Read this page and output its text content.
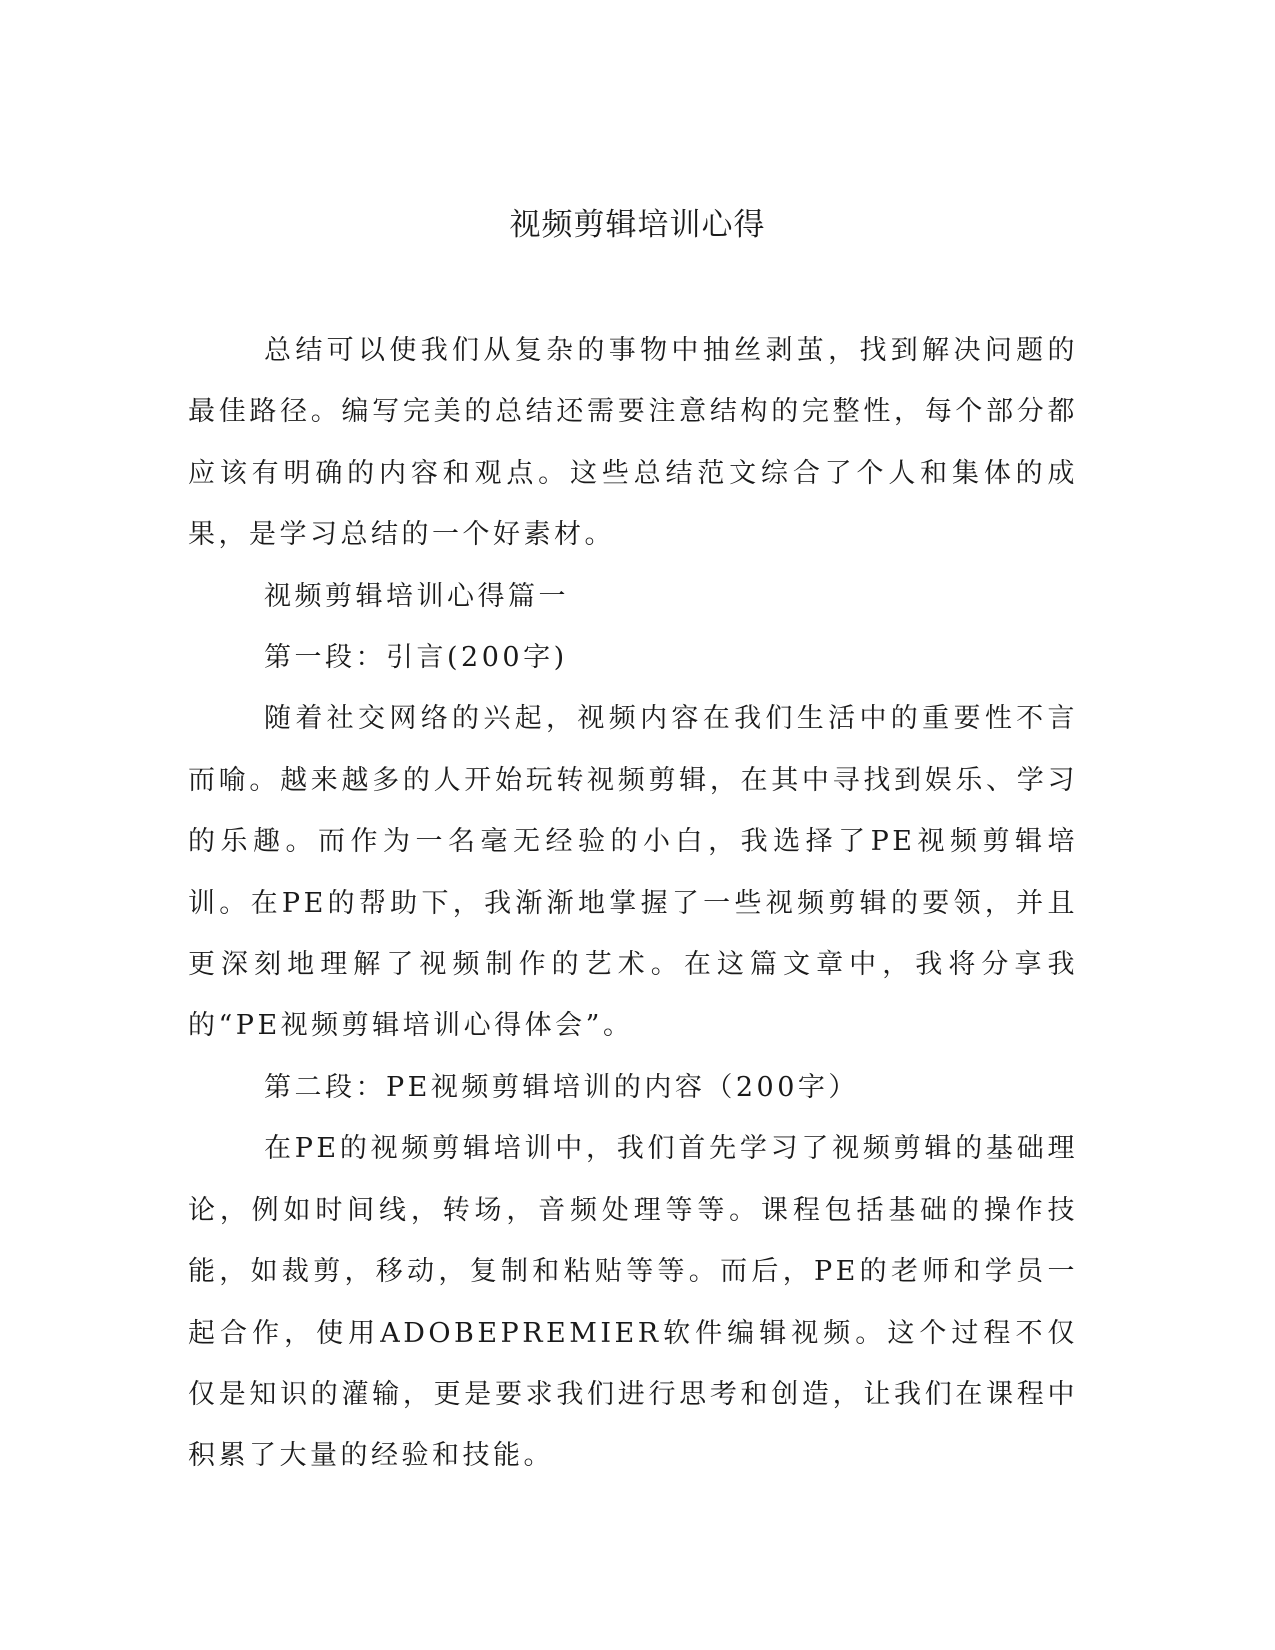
视频剪辑培训心得

总结可以使我们从复杂的事物中抽丝剥茧，找到解决问题的最佳路径。编写完美的总结还需要注意结构的完整性，每个部分都应该有明确的内容和观点。这些总结范文综合了个人和集体的成果，是学习总结的一个好素材。

视频剪辑培训心得篇一

第一段：引言(200字)

随着社交网络的兴起，视频内容在我们生活中的重要性不言而喻。越来越多的人开始玩转视频剪辑，在其中寻找到娱乐、学习的乐趣。而作为一名毫无经验的小白，我选择了PE视频剪辑培训。在PE的帮助下，我渐渐地掌握了一些视频剪辑的要领，并且更深刻地理解了视频制作的艺术。在这篇文章中，我将分享我的“PE视频剪辑培训心得体会”。

第二段：PE视频剪辑培训的内容（200字）

在PE的视频剪辑培训中，我们首先学习了视频剪辑的基础理论，例如时间线，转场，音频处理等等。课程包括基础的操作技能，如裁剪，移动，复制和粘贴等等。而后，PE的老师和学员一起合作，使用ADOBEPREMIER软件编辑视频。这个过程不仅仅是知识的灌输，更是要求我们进行思考和创造，让我们在课程中积累了大量的经验和技能。
